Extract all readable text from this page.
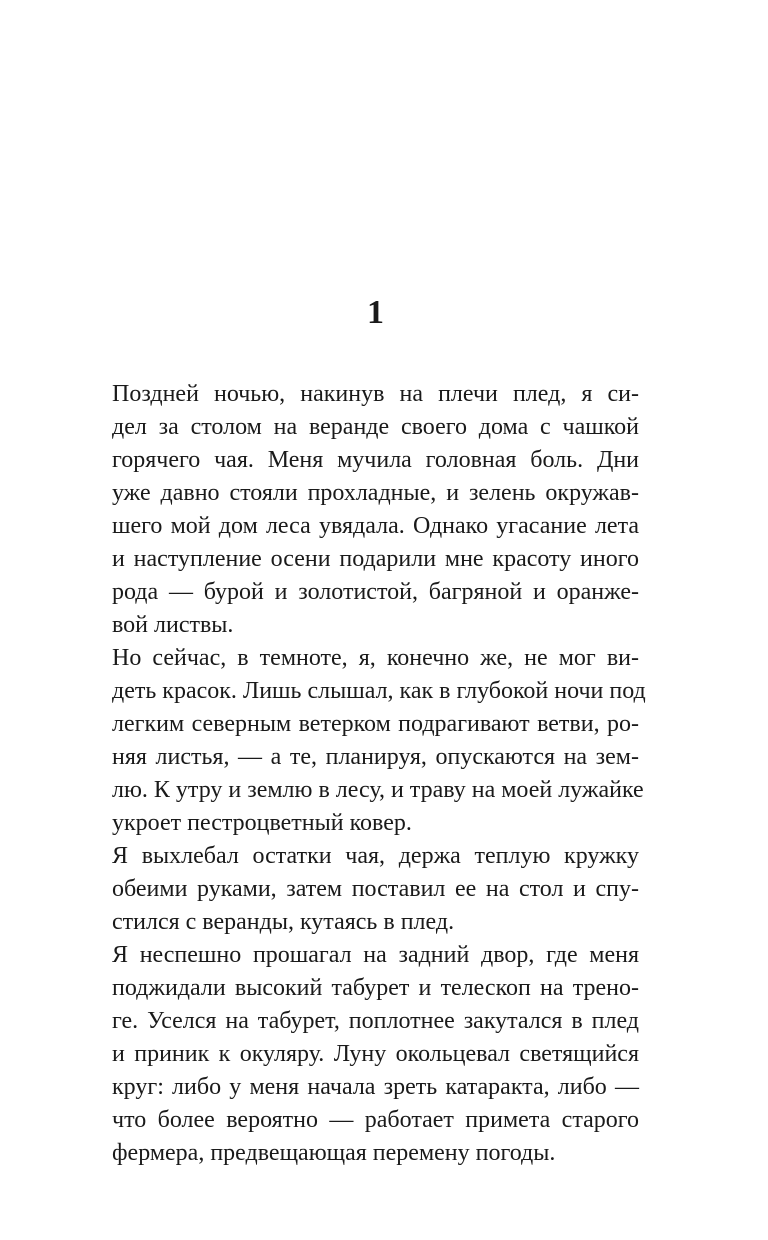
1
Поздней ночью, накинув на плечи плед, я си-
дел за столом на веранде своего дома с чашкой
горячего чая. Меня мучила головная боль. Дни
уже давно стояли прохладные, и зелень окружав-
шего мой дом леса увядала. Однако угасание лета
и наступление осени подарили мне красоту иного
рода — бурой и золотистой, багряной и оранже-
вой листвы.
Но сейчас, в темноте, я, конечно же, не мог ви-
деть красок. Лишь слышал, как в глубокой ночи под
легким северным ветерком подрагивают ветви, ро-
няя листья, — а те, планируя, опускаются на зем-
лю. К утру и землю в лесу, и траву на моей лужайке
укроет пестроцветный ковер.
Я выхлебал остатки чая, держа теплую кружку
обеими руками, затем поставил ее на стол и спу-
стился с веранды, кутаясь в плед.
Я неспешно прошагал на задний двор, где меня
поджидали высокий табурет и телескоп на трено-
ге. Уселся на табурет, поплотнее закутался в плед
и приник к окуляру. Луну окольцевал светящийся
круг: либо у меня начала зреть катаракта, либо —
что более вероятно — работает примета старого
фермера, предвещающая перемену погоды.
